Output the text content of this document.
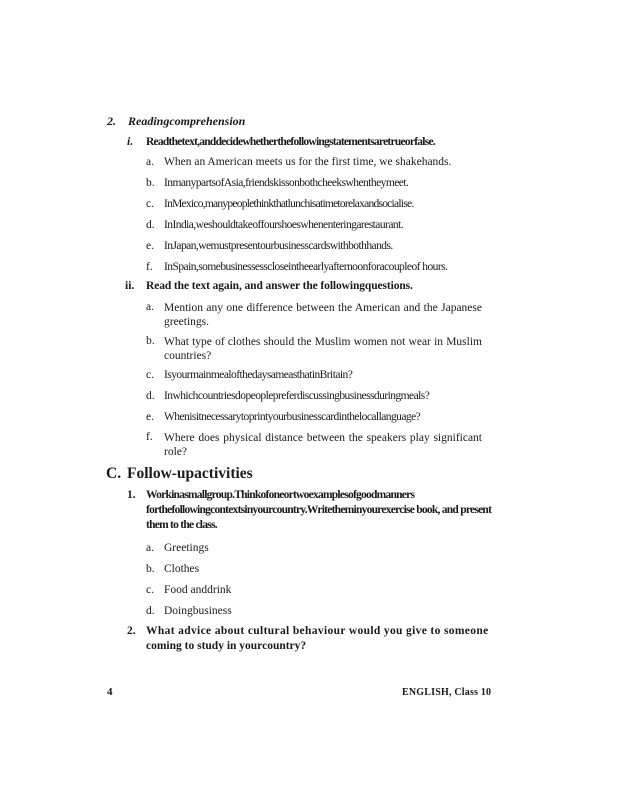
2. Readingcomprehension
i. Readthetext,anddecidewhetherthefollowingstatementsaretrueorfalse.
a. When an American meets us for the first time, we shakehands.
b. InmanypartsofAsia,friendskissonbothcheekswhentheymeet.
c. InMexico,manypeoplethinkthatlunchisatimetorelaxandsocialise.
d. InIndia,weshouldtakeoffourshoeswhenenteringarestaurant.
e. InJapan,wemustpresentourbusinesscardswithbothhands.
f. InSpain,somebusinessesscloseintheearlyafternoonforacoupleof hours.
ii. Read the text again, and answer the followingquestions.
a. Mention any one difference between the American and the Japanese greetings.
b. What type of clothes should the Muslim women not wear in Muslim countries?
c. IsyourmainmealofthedaysameasthatinBritain?
d. Inwhichcountriesdopeoplepreferdiscussingbusinessduringmeals?
e. Whenisitnecessarytoprintyourbusinesscardinthelocallanguage?
f. Where does physical distance between the speakers play significant role?
C. Follow-upactivities
1. Workinasmallgroup.Thinkofoneortwoexamplesofgoodmanners
forthefollowingcontextsinyourcountry.Writetheminyourexercise book, and present
them to the class.
a. Greetings
b. Clothes
c. Food anddrink
d. Doingbusiness
2. What advice about cultural behaviour would you give to someone
coming to study in yourcountry?
4	ENGLISH, Class 10
